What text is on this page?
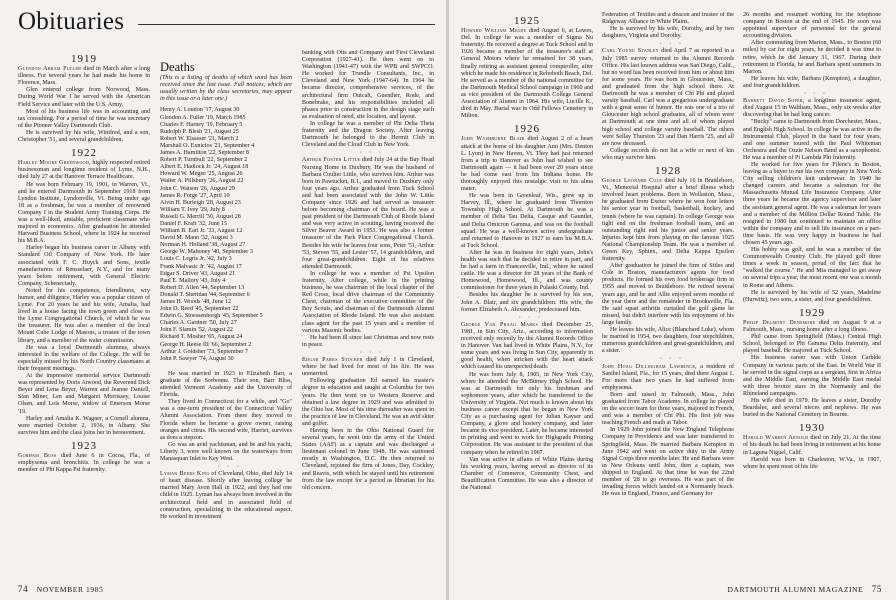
Obituaries
1919

Glendon Abram Fuller died in March after a long illness. For several years he had made his home in Florence, Mass.

Glen entered college from Norwood, Mass. During World War I he served with the American Field Service and later with the U.S. Army.

Most of his business life was in accounting and tax consulting. For a period of time he was secretary of the Pioneer Valley Dartmouth Club.

He is survived by his wife, Winifred, and a son, Christopher '51, and several grandchildren.

1922

Harley Moore Greenwood, highly respected retired businessman and longtime resident of Lyme, N.H., died July 27 at the Hanover Terrace Healthcare.

He was born February 19, 1901, in Warren, Vt., and he entered Dartmouth in September 1918 from Lyndon Institute, Lyndonville, Vt. Being under age 18 as a freshman, he was a member of renowned Company I in the Student Army Training Corps. He was a well-liked, amiable, proficient classmate who majored in economics. After graduation he attended Harvard Business School, where in 1924 he received his M.B.A.

Harley began his business career in Albany with Standard Oil Company of New York. He later associated with F. C. Huyck and Sons, textile manufacturers of Rensselaer, N.Y., and for many years before retirement, with General Electric Company, Schenectady.

Noted for his competence, friendliness, wry humor, and diligence, Harley was a popular citizen of Lyme. For 20 years he and his wife, Amalia, had lived in a house facing the town green and close to the Lyme Congregational Church, of which he was the treasurer. He was also a member of the local Mount Cube Lodge of Masons, a trustee of the town library, and a member of the water commission.

He was a loyal Dartmouth alumnus, always interested in the welfare of the College. He will be especially missed by his North Country classmates at their frequent meetings.

At the impressive memorial service Dartmouth was represented by Doris Atwood, the Reverend Dick Beyer and Lena Beyer, Warren and Jeanne Daniell, Stan Miner, Len and Margaret Morrissey, Louise Olsen, and Lois Morse, widow of Emerson Morse '19.

Harley and Amalia K. Wagner, a Cornell alumna, were married October 2, 1936, in Albany. She survives him and the class joins her in bereavement.

1923

Gorham Buss died June 6 in Cocoa, Fla., of emphysema and bronchitis. In college he was a member of Phi Kappa Psi fraternity.

Deaths

(This is a listing of deaths of which word has been received since the last issue. Full notices, which are usually written by the class secretaries, may appear in this issue or a later one.)

Henry A. Loudon '17, August 30
Glendon A. Fuller '19, March 1985
Charles F. Harney '19, February 5
Rudolph P. Blesh '21, August 25
Robert W. Elsasser '21, March 2
Marshall O. Exnicios '21, September 4
James A. Hamilton '22, September 8
Robert P. Turnbull '22, September 2
Albert E. Hadlock Jr. '24, August 18
Howard W. Megee '25, August 26
Walter A. Pillsbury '26, August 22
John C. Watson '26, August 29
James R. Forge '27, April 10
Alvin H. Burleigh '28, August 23
William T. Ivey '29, July 8
Russell G. Merrill '30, August 28
Daniel F. Kraft '32, June 15
William B. Earl Jr. '33, August 12
David M. Mann '32, August 3
Norman H. Holland '38, August 27
George W. Mahoney '40, September 3
Louis C. Legris Jr. '42, July 3
Frank Malvasic Jr. '42, August 17
Edgar S. Driver '43, August 21
Paul E. Mallory '43, July 4
Robert D. Allen '44, September 13
Donald T. Sheridan '44, September 6
James H. Woods '48, June 12
John D. Reed '45, September 22
Edwin G. Stoessenhorgh '45, September 5
Charles A. Gardner '50, July 27
John F. Slamin '52, August 22
Richard T. Mosher '65, August 24
George H. Reese III '66, September 2
Arthur J. Goldsher '73, September 7
John P. Sawyer '74, August 30

He was married in 1923 to Elizabeth Barr, a graduate of the Sorbonne. Their son, Barr Bliss, attended Vermont Academy and the University of Florida.

They lived in Connecticut for a while, and "Go" was a one-term president of the Connecticut Valley Alumni Association. From there they moved to Florida where he became a grove owner, raising oranges and citrus. His second wife, Harriet, survives as does a stepson.

Go was an avid yachtsman, and he and his yacht, Liberty 3, were well known on the waterways from Manasquan Inlet to Key West.

◦ ◦ ◦

Lyman Beers King of Cleveland, Ohio, died July 14 of heart disease. Shortly after leaving college he married Mary Avon Hall in 1922, and they had one child in 1925. Lyman has always been involved in the architectural field and in associated field of construction, specializing in the educational aspect. He worked in investment

banking with Otis and Company and First Cleveland Corporation (1927-41). He then went on to Washington (1941-47) with the WPB and SWPCO. He worked for Trundle Consultants, Inc., in Cleveland and New York (1947-64). In 1964 he became director, comprehensive services, of the architectural firm Outcalt, Guenther, Rode, and Bonebrake, and his responsibilities included all phases prior to construction in the design stage such as evaluation of need, site location, and layout.

In college he was a member of Phi Delta Theta fraternity and the Dragon Society. After leaving Dartmouth he belonged to the Hermit Club in Cleveland and the Cloud Club in New York.

◦ ◦ ◦

Arthur Foster Little died July 24 at the Bay Head Nursing Home in Duxbury. He was the husband of Barbara Coulter Little, who survives him. Arthur was born in Pawtucket, R.I., and moved to Duxbury only four years ago. Arthur graduated from Tuck School and had been associated with the John W. Little Company since 1926 and had served as treasurer before becoming chairman of the board. He was a past president of the Dartmouth Club of Rhode Island and was very active in scouting, having received the Silver Beaver Award in 1953. He was also a former treasurer of the Park Place Congregational Church. Besides his wife he leaves four sons, Peter '51, Arthur '53, Steven '55, and Lester '57, 14 grandchildren, and four great-grandchildren. Eight of his relatives attended Dartmouth.

In college he was a member of Psi Upsilon fraternity. After college, while in the printing business, he was chairman of the local chapter of the Red Cross, local drive chairman of the Community Chest, chairman of the executive committee of the Boy Scouts, and chairman of the Dartmouth Alumni Association of Rhode Island. He was also assistant class agent for the past 15 years and a member of various Masonic bodies.

He had been ill since last Christmas and now rests in peace.

◦ ◦ ◦

Edgar Parks Stocker died July 1 in Cleveland, where he had lived for most of his life. He was unmarried.

Following graduation Ed earned his master's degree in education and taught at Columbia for two years. He then went on to Western Reserve and obtained a law degree in 1929 and was admitted to the Ohio bar. Most of his time thereafter was spent in the practice of law in Cleveland. He was an avid skier and golfer.

Having been in the Ohio National Guard for several years, he went into the army of the United States (AAF) as a captain and was discharged a lieutenant colonel in June 1948. He was stationed mostly in Washington, D.C. He then returned to Cleveland, rejoined the firm of Jones, Day, Cockley, and Reavis, with which he stayed until his retirement from the law except for a period as librarian for his old concern.

74 NOVEMBER 1985
1925

Howard William Megee died August 6, at Lewes, Del. In college he was a member of Sigma Nu fraternity. He received a degree at Tuck School and in 1926 became a member of the treasurer's staff at General Motors where he remained for 38 years, finally retiring as assistant general comptroller, after which he made his residence in Rehoboth Beach, Del. He served as a member of the national committee for the Dartmouth Medical School campaign in 1960 and as vice president of the Dartmouth College General Association of Alumni in 1964. His wife, Lucille K., died in May. Burial was in Odd Fellows Cemetery in Milton.

1926

John Washburne Blair died August 2 of a heart attack at the home of his daughter Ann (Mrs. Denton L. Lyon) in New Haven, Vt. They had just returned from a trip to Hanover as John had wished to see Dartmouth again — it had been over 20 years since he had come east from his Indiana home. He thoroughly enjoyed this nostalgic visit to his alma mater.

He was born in Greenleaf, Wis., grew up in Harvey, Ill., where he graduated from Thornton Township High School. At Dartmouth he was a member of Delta Tau Delta, Casque and Gauntlet, and Delta Omicron Gamma, and was on the football squad. He was a well-known active undergraduate and returned to Hanover in 1927 to earn his M.B.A. at Tuck School.

After he was in business for eight years, John's health was such that he decided to retire in part, and he had a farm in Francesville, Ind., where he raised cattle. He was a director for 28 years of the Bank of Homewood, Homewood, Ill., and was county commissioner for three years in Pulaski County, Ind.

Besides his daughter he is survived by his son, John A. Blair, and six grandchildren. His wife, the former Elizabeth A. Alexander, predeceased him.

◦ ◦ ◦

George Van Praag Marks died December 25, 1981, in Sun City, Ariz., according to information received only recently by the Alumni Records Office in Hanover. Van had lived in White Plains, N.Y., for some years and was living in Sun City, apparently in good health, when stricken with the heart attack which caused his unexpected death.

He was born July 8, 1905, in New York City, where he attended the McBurney High School. He was at Dartmouth for only his freshman and sophomore years, after which he transferred to the University of Virginia. Not much is known about his business career except that he began in New York City as a purchasing agent for Julian Kayser and Company, a glove and hosiery company, and later became its vice president. Later, he became interested in printing and went to work for Highgrade Printing Corporation. He was assistant to the president of that company when he retired in 1967.

Van was active in affairs of White Plains during his working years, having served as director of its Chamber of Commerce, Community Chest, and Beautification Committee. He was also a director of the National

Federation of Textiles and a deacon and trustee of the Ridgeway Alliance in White Plains.

He is survived by his wife, Dorothy, and by two daughters, Virginia and Dorothy.

◦ ◦ ◦

Carl Young Stanley died April 7 as reported in a July 1985 survey returned to the Alumni Records Office. His last known address was San Diego, Calif., but no word has been received from him or about him for some years. He was born in Gloucester, Mass., and graduated from the high school there. At Dartmouth he was a member of Chi Phi and played varsity baseball. Carl was a gregarious undergraduate with a great sense of humor. He was one of a trio of Gloucester high school graduates, all of whom were at Dartmouth at one time and all of whom played high school and college varsity baseball. The others were Sellay Thurston '23 and Dan Harris '25, and all are now deceased.

College records do not list a wife or next of kin who may survive him.

1928

George Leonard Cole died July 16 in Brattleboro, Vt., Memorial Hospital after a brief illness which involved heart problems. Born in Wollaston, Mass., he graduated from Exeter where he won four letters his senior year in football, basketball, hockey, and tennis (where he was captain). In college George was tight end on the freshman football team, and an outstanding right end his junior and senior years. Injuries kept him from playing on the famous 1925 National Championship Team. He was a member of Green Key, Sphinx, and Delta Kappa Epsilon fraternity.

After graduation he joined the firm of Stiles and Cole in Boston, manufacturers agents for food products. He formed his own food brokerage firm in 1955 and moved to Brattleboro. He retired several years ago, and he and Allie enjoyed seven months of the year there and the remainder in Brooksville, Fla. He said squat arthritis curtailed the golf game he missed, but didn't interfere with his enjoyment of his large family.

He leaves his wife, Alice (Blanchard Luke), whom he married in 1954, two daughters, four stepchildren, numerous grandchildren and great-grandchildren, and a sister.

◦ ◦ ◦

John Hoag Dillingham Lawrence, a resident of Sanibel Island, Fla., for 15 years, died there August 1. For more than two years he had suffered from emphysema.

Born and raised in Falmouth, Mass., John graduated from Tabor Academy. In college he played on the soccer team for three years, majored in French, and was a member of Chi Phi. His first job was teaching French and math at Tabor.

In 1929 John joined the New England Telephone Company in Providence and was later transferred to Springfield, Mass. He married Barbara Kempton in June 1942 and went on active duty in the Army Signal Corps three months later. He and Barbara were in New Orleans until John, then a captain, was shipped to England. At that time he was the 22nd member of '28 to go overseas. He was part of the invading forces which landed on a Normandy beach. He was in England, France, and Germany for

26 months and resumed working for the telephone company in Boston at the end of 1945. He soon was appointed supervisor of personnel for the general accounting division.

After commuting from Marion, Mass., to Boston (60 miles) by car for eight years, he decided it was time to retire, which he did January 31, 1967. During their retirement in Florida, he and Barbara spent summers in Marion.

He leaves his wife, Barbara (Kempton), a daughter, and four grandchildren.

◦ ◦ ◦

Barrett David Soper, a longtime insurance agent, died August 15 in Waltham, Mass., only six weeks after discovering that he had lung cancer.

"Bucky" came to Dartmouth from Dorchester, Mass., and English High School. In college he was active in the Instrumental Club, played in the band for four years, and one summer toured with the Paul Whiteman Orchestra and the Ozzie Nelson Band as a saxophonist. He was a member of Pi Lambda Phi fraternity.

He worked for five years for Filene's in Boston, leaving as a buyer to run his own company in New York City selling children's knit underwear. In 1940 he changed careers and became a salesman for the Massachusetts Mutual Life Insurance Company. After three years he became the agency supervisor and later the assistant general agent. He was a salesman for years and a member of the Million Dollar Round Table. He resigned in 1980 but continued to maintain an office within the company and to sell life insurance on a part-time basis. He was very happy in business he had chosen 45 years ago.

His hobby was golf, and he was a member of the Commonwealth Country Club. He played golf three times a week in season, proud of the fact that he "walked the course." He and Mia managed to get away on several trips a year, the most recent one was a month in Rome and Athens.

He is survived by his wife of 52 years, Madeline (Hurwitz), two sons, a sister, and four grandchildren.

1929

Philip Delmont Densmore died on August 9 at a Falmouth, Mass., nursing home after a long illness.

Phil came from Springfield (Mass.) Central High School, belonged to Phi Gamma Delta fraternity, and played baseball. He majored at Tuck School.

His business career was with Union Carbide Company in various parts of the East. In World War II he served in the signal corps as a sergeant, first in Africa and the Middle East, earning the Middle East medal with three bronze stars in the Normandy and the Rhineland campaigns.

His wife died in 1979. He leaves a sister, Dorothy Beardslee, and several nieces and nephews. He was buried in the National Cemetery in Bourne.

1930

Harold Warren Arnold died on July 21. At the time of his death he had been living in retirement at his home in Laguna Niguel, Calif.

Harold was born in Charleston, W.Va., in 1907, where he spent most of his life

DARTMOUTH ALUMNI MAGAZINE 75
